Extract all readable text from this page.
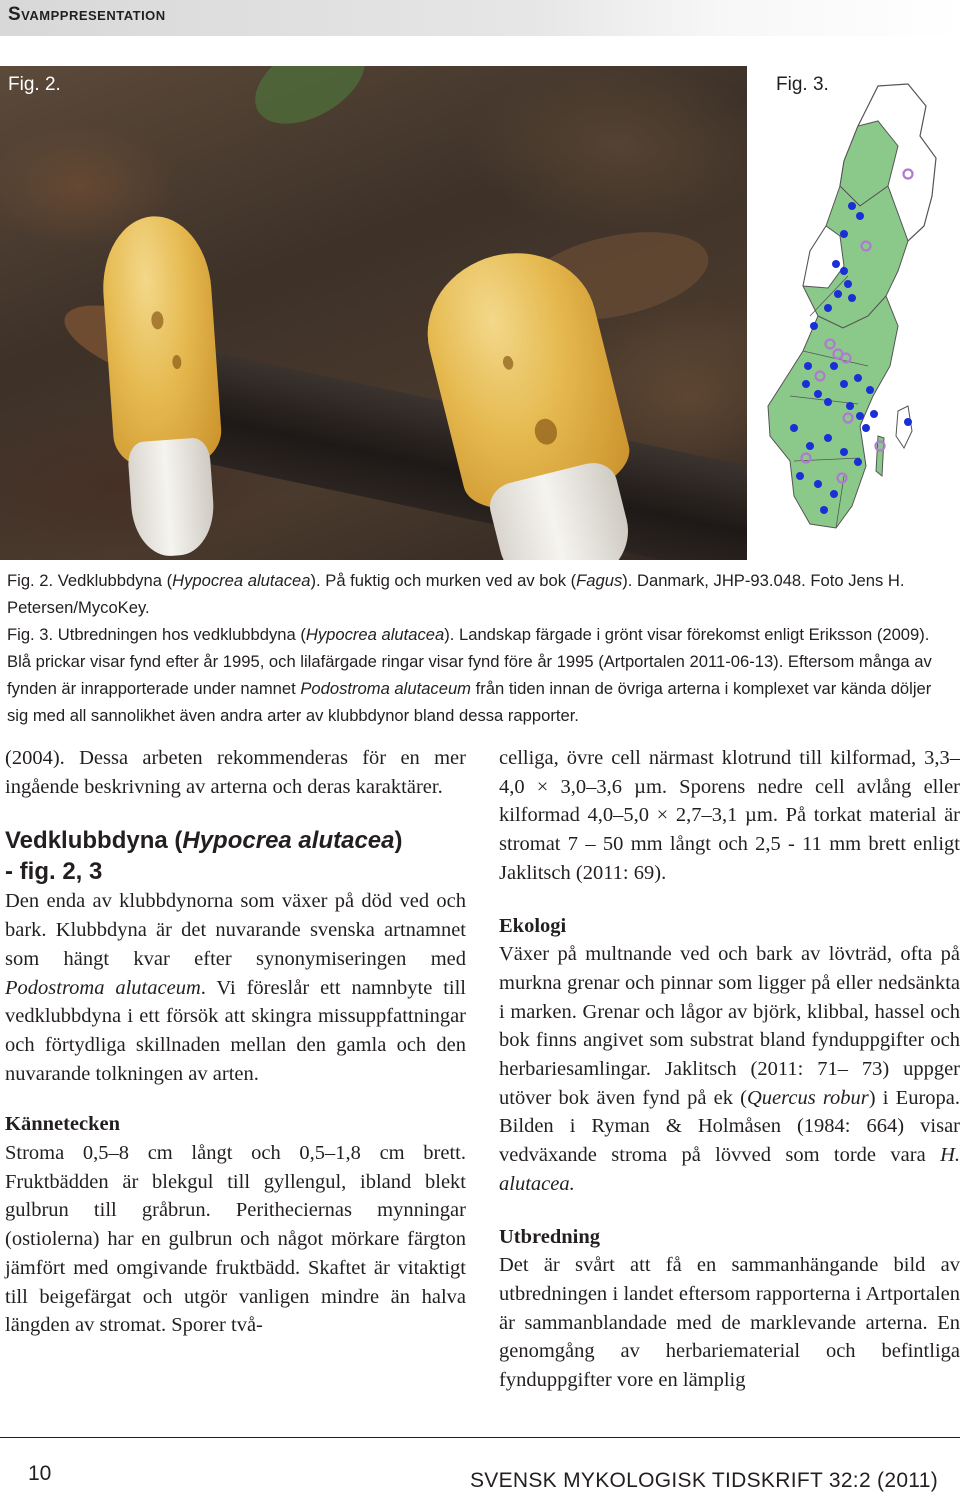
Svamppresentation
Fig. 2.	Fig. 3.
Fig. 2. Vedklubbdyna (Hypocrea alutacea). På fuktig och murken ved av bok (Fagus). Danmark, JHP-93.048. Foto Jens H. Petersen/MycoKey.
Fig. 3. Utbredningen hos vedklubbdyna (Hypocrea alutacea). Landskap färgade i grönt visar förekomst enligt Eriksson (2009). Blå prickar visar fynd efter år 1995, och lilafärgade ringar visar fynd före år 1995 (Artportalen 2011-06-13). Eftersom många av fynden är inrapporterade under namnet Podostroma alutaceum från tiden innan de övriga arterna i komplexet var kända döljer sig med all sannolikhet även andra arter av klubbdynor bland dessa rapporter.

(2004). Dessa arbeten rekommenderas för en mer ingående beskrivning av arterna och deras karaktärer.

Vedklubbdyna (Hypocrea alutacea)
- fig. 2, 3

Den enda av klubbdynorna som växer på död ved och bark. Klubbdyna är det nuvarande svenska artnamnet som hängt kvar efter synonymiseringen med Podostroma alutaceum. Vi föreslår ett namnbyte till vedklubbdyna i ett försök att skingra missuppfattningar och förtydliga skillnaden mellan den gamla och den nuvarande tolkningen av arten.

Kännetecken

Stroma 0,5–8 cm långt och 0,5–1,8 cm brett. Fruktbädden är blekgul till gyllengul, ibland blekt gulbrun till gråbrun. Peritheciernas mynningar (ostiolerna) har en gulbrun och något mörkare färgton jämfört med omgivande fruktbädd. Skaftet är vitaktigt till beigefärgat och utgör vanligen mindre än halva längden av stromat. Sporer två-

celliga, övre cell närmast klotrund till kilformad, 3,3–4,0 × 3,0–3,6 µm. Sporens nedre cell avlång eller kilformad 4,0–5,0 × 2,7–3,1 µm. På torkat material är stromat 7 – 50 mm långt och 2,5 - 11 mm brett enligt Jaklitsch (2011: 69).

Ekologi

Växer på multnande ved och bark av lövträd, ofta på murkna grenar och pinnar som ligger på eller nedsänkta i marken. Grenar och lågor av björk, klibbal, hassel och bok finns angivet som substrat bland fynduppgifter och herbariesamlingar. Jaklitsch (2011: 71– 73) uppger utöver bok även fynd på ek (Quercus robur) i Europa. Bilden i Ryman & Holmåsen (1984: 664) visar vedväxande stroma på lövved som torde vara H. alutacea.

Utbredning

Det är svårt att få en sammanhängande bild av utbredningen i landet eftersom rapporterna i Artportalen är sammanblandade med de marklevande arterna. En genomgång av herbariematerial och befintliga fynduppgifter vore en lämplig

10	SVENSK MYKOLOGISK TIDSKRIFT 32:2 (2011)
